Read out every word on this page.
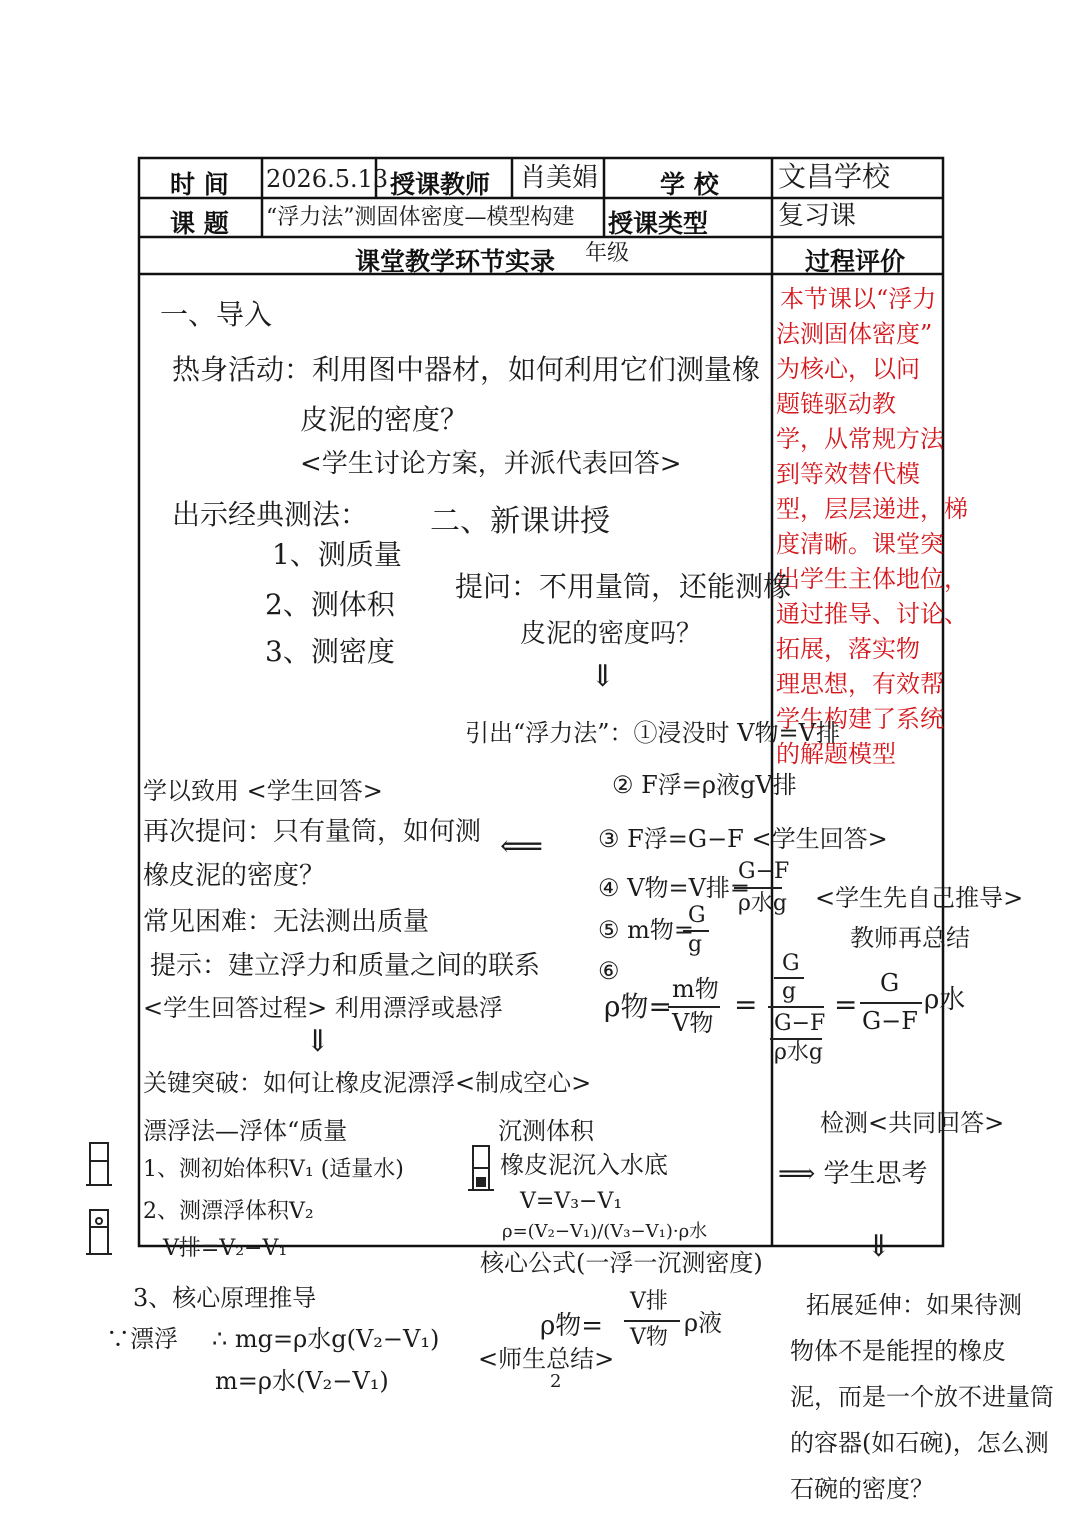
时 间 2026.5.13 授课教师 肖美娟 学 校 文昌学校
课 题 “浮力法”测固体密度—模型构建 授课类型	复习课
课堂教学环节实录 年级	过程评价
本节课以“浮力
法测固体密度”
为核心，以问
题链驱动教
学，从常规方法
到等效替代模
型，层层递进，梯
度清晰。课堂突
出学生主体地位，
通过推导、讨论、
拓展，落实物
理思想，有效帮
学生构建了系统
的解题模型
一、导入
热身活动：利用图中器材，如何利用它们测量橡
皮泥的密度？
<学生讨论方案，并派代表回答>
出示经典测法：
1、测质量
2、测体积
3、测密度
二、新课讲授
提问：不用量筒，还能测橡
皮泥的密度吗？
⇓
引出“浮力法”：①浸没时 V物=V排
② F浮=ρ液gV排
③ F浮=G−F <学生回答>
④ V物=V排=
G−F
ρ水g <学生先自己推导>
教师再总结
⑤ m物=
G
g
⑥
ρ物=
m物
V物
=
G
g
G−F
ρ水g
=
G
G−F
ρ水
学以致用 <学生回答>
再次提问：只有量筒，如何测
橡皮泥的密度？
⟸
常见困难：无法测出质量
提示：建立浮力和质量之间的联系
<学生回答过程> 利用漂浮或悬浮
⇓
关键突破：如何让橡皮泥漂浮<制成空心>
漂浮法—浮体“质量
1、测初始体积V₁ (适量水)
2、测漂浮体积V₂
V排=V₂−V₁
沉测体积
橡皮泥沉入水底
V=V₃−V₁
ρ=(V₂−V₁)/(V₃−V₁)·ρ水
检测<共同回答>
⟹ 学生思考
3、核心原理推导
∵漂浮 ∴ mg=ρ水g(V₂−V₁)
m=ρ水(V₂−V₁)
核心公式(一浮一沉测密度)
ρ物=
V排
V物
ρ液
<师生总结>
2
⇓
拓展延伸：如果待测
物体不是能捏的橡皮
泥，而是一个放不进量筒
的容器(如石碗)，怎么测
石碗的密度？
